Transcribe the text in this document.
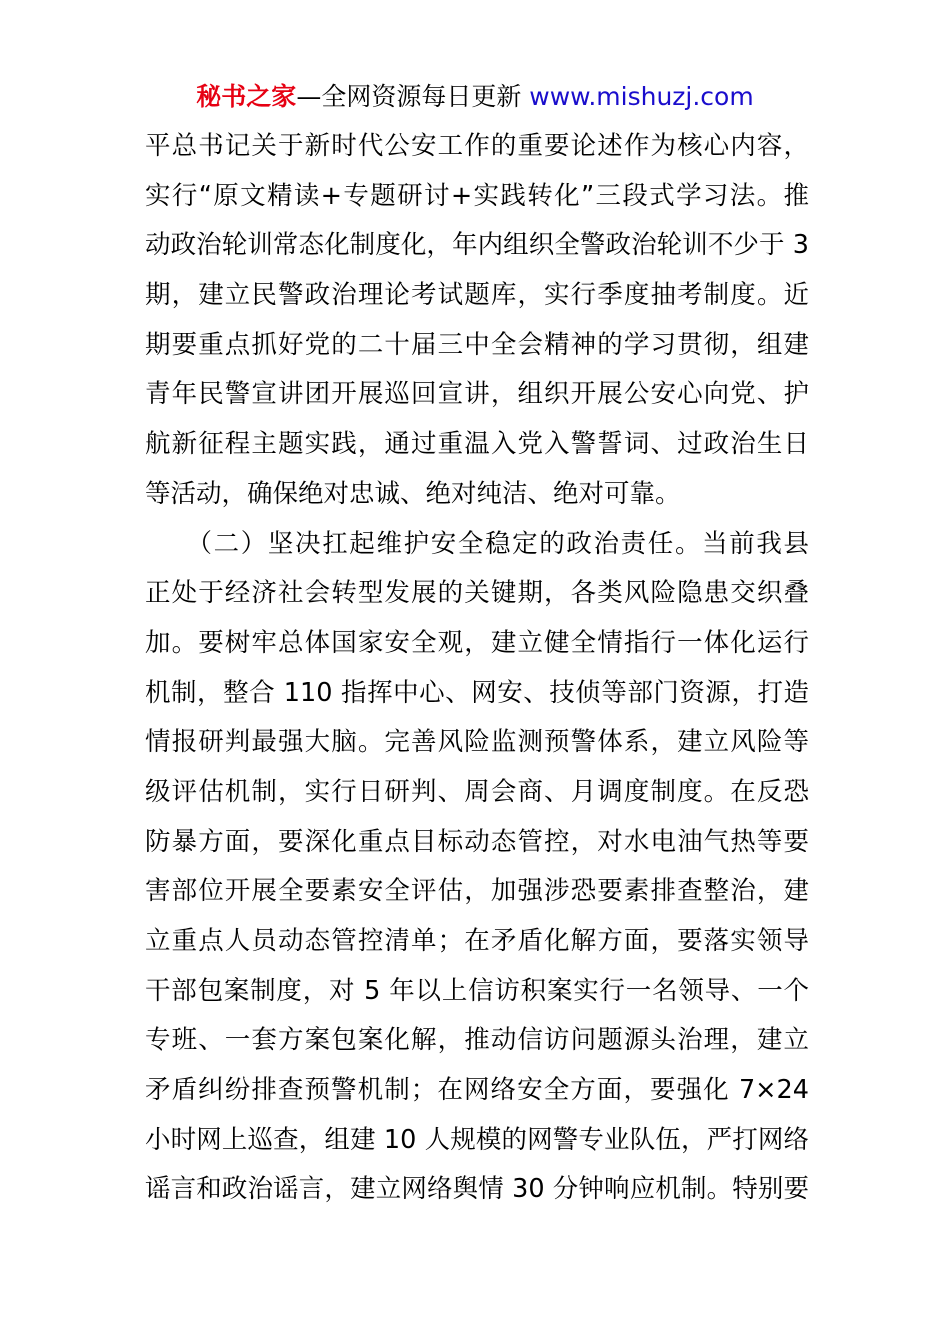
秘书之家—全网资源每日更新 www.mishuzj.com
平总书记关于新时代公安工作的重要论述作为核心内容，
实行“原文精读+专题研讨+实践转化”三段式学习法。推
动政治轮训常态化制度化，年内组织全警政治轮训不少于 3
期，建立民警政治理论考试题库，实行季度抽考制度。近
期要重点抓好党的二十届三中全会精神的学习贯彻，组建
青年民警宣讲团开展巡回宣讲，组织开展公安心向党、护
航新征程主题实践，通过重温入党入警誓词、过政治生日
等活动，确保绝对忠诚、绝对纯洁、绝对可靠。
　　（二）坚决扛起维护安全稳定的政治责任。当前我县
正处于经济社会转型发展的关键期，各类风险隐患交织叠
加。要树牢总体国家安全观，建立健全情指行一体化运行
机制，整合 110 指挥中心、网安、技侦等部门资源，打造
情报研判最强大脑。完善风险监测预警体系，建立风险等
级评估机制，实行日研判、周会商、月调度制度。在反恐
防暴方面，要深化重点目标动态管控，对水电油气热等要
害部位开展全要素安全评估，加强涉恐要素排查整治，建
立重点人员动态管控清单；在矛盾化解方面，要落实领导
干部包案制度，对 5 年以上信访积案实行一名领导、一个
专班、一套方案包案化解，推动信访问题源头治理，建立
矛盾纠纷排查预警机制；在网络安全方面，要强化 7×24
小时网上巡查，组建 10 人规模的网警专业队伍，严打网络
谣言和政治谣言，建立网络舆情 30 分钟响应机制。特别要
